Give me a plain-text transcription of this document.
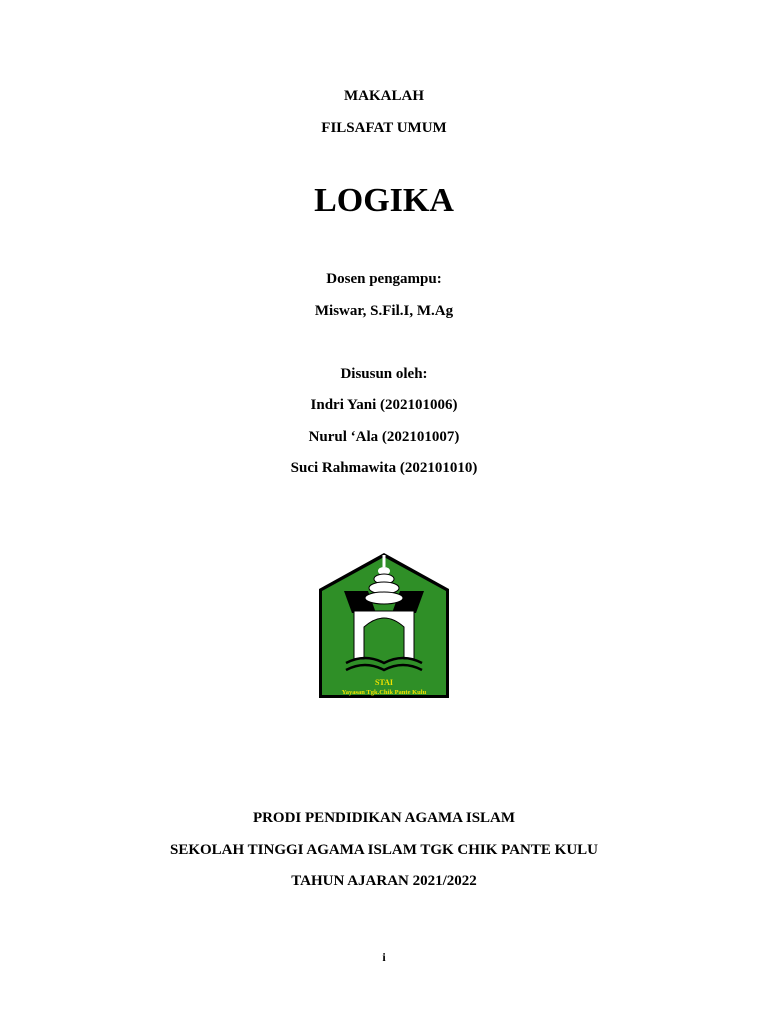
MAKALAH
FILSAFAT UMUM
LOGIKA
Dosen pengampu:
Miswar, S.Fil.I, M.Ag
Disusun oleh:
Indri Yani (202101006)
Nurul ‘Ala (202101007)
Suci Rahmawita (202101010)
STAI
Yayasan Tgk.Chik Pante Kulu
PRODI PENDIDIKAN AGAMA ISLAM
SEKOLAH TINGGI AGAMA ISLAM TGK CHIK PANTE KULU
TAHUN AJARAN 2021/2022
i
